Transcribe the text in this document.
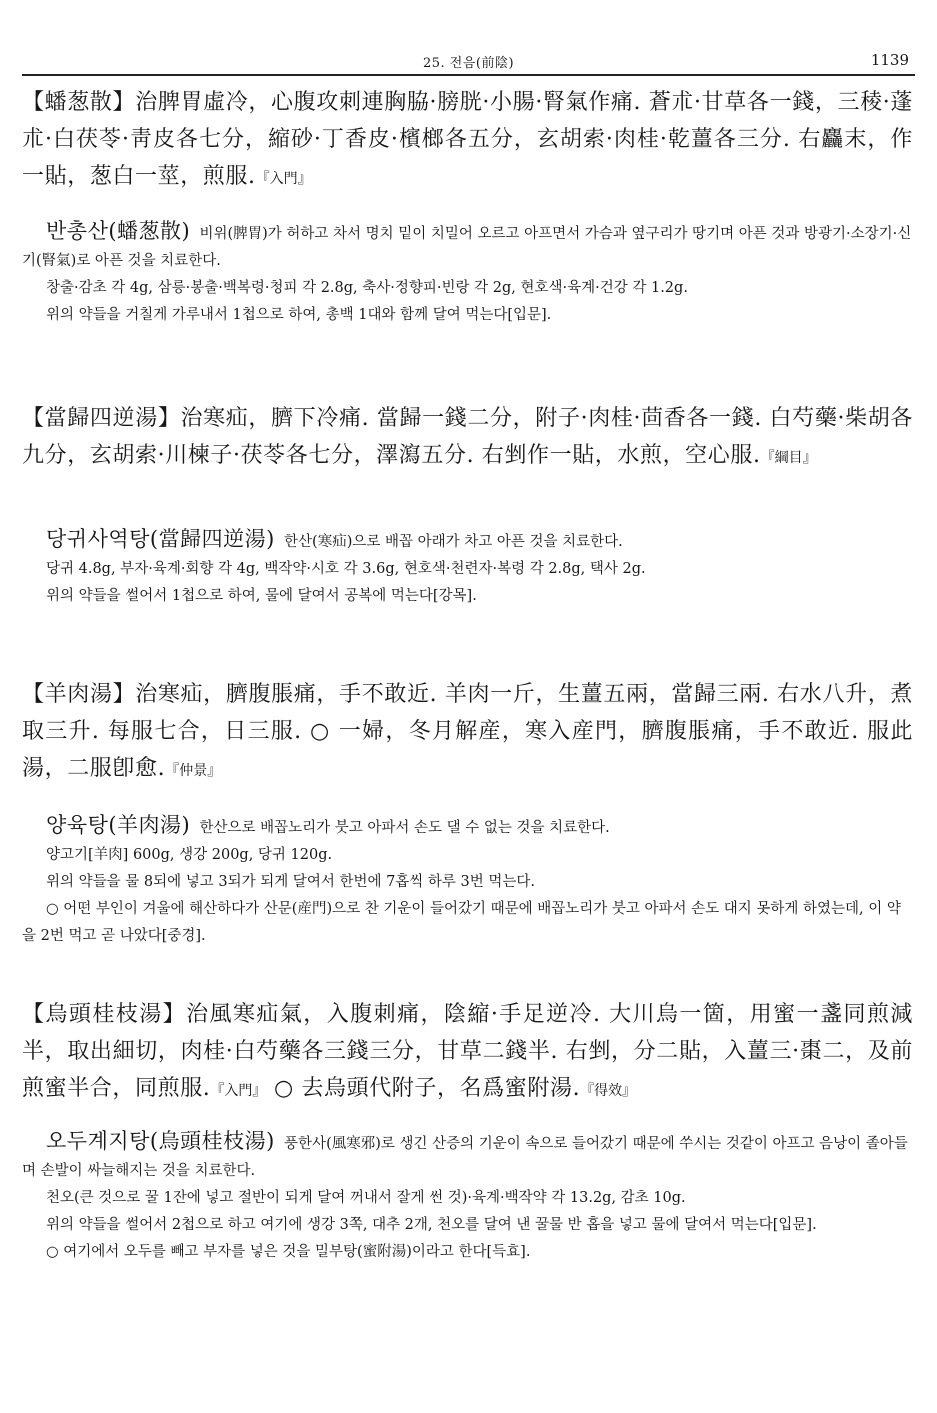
25. 전음(前陰)	1139
【蟠葱散】治脾胃虛冷，心腹攻刺連胸脇·膀胱·小腸·腎氣作痛. 蒼朮·甘草各一錢，三稜·蓬朮·白茯苓·靑皮各七分，縮砂·丁香皮·檳榔各五分，玄胡索·肉桂·乾薑各三分. 右麤末，作一貼，葱白一莖，煎服.『入門』

반총산(蟠葱散) 비위(脾胃)가 허하고 차서 명치 밑이 치밀어 오르고 아프면서 가슴과 옆구리가 땅기며 아픈 것과 방광기·소장기·신기(腎氣)로 아픈 것을 치료한다.

창출·감초 각 4g, 삼릉·봉출·백복령·청피 각 2.8g, 축사·정향피·빈랑 각 2g, 현호색·육계·건강 각 1.2g.

위의 약들을 거칠게 가루내서 1첩으로 하여, 총백 1대와 함께 달여 먹는다[입문].

【當歸四逆湯】治寒疝，臍下冷痛. 當歸一錢二分，附子·肉桂·茴香各一錢. 白芍藥·柴胡各九分，玄胡索·川楝子·茯苓各七分，澤瀉五分. 右剉作一貼，水煎，空心服.『綱目』

당귀사역탕(當歸四逆湯) 한산(寒疝)으로 배꼽 아래가 차고 아픈 것을 치료한다.

당귀 4.8g, 부자·육계·회향 각 4g, 백작약·시호 각 3.6g, 현호색·천련자·복령 각 2.8g, 택사 2g.

위의 약들을 썰어서 1첩으로 하여, 물에 달여서 공복에 먹는다[강목].

【羊肉湯】治寒疝，臍腹脹痛，手不敢近. 羊肉一斤，生薑五兩，當歸三兩. 右水八升，煮取三升. 每服七合，日三服. ○ 一婦，冬月解産，寒入産門，臍腹脹痛，手不敢近. 服此湯，二服卽愈.『仲景』

양육탕(羊肉湯) 한산으로 배꼽노리가 붓고 아파서 손도 댈 수 없는 것을 치료한다.

양고기[羊肉] 600g, 생강 200g, 당귀 120g.

위의 약들을 물 8되에 넣고 3되가 되게 달여서 한번에 7홉씩 하루 3번 먹는다.

○ 어떤 부인이 겨울에 해산하다가 산문(産門)으로 찬 기운이 들어갔기 때문에 배꼽노리가 붓고 아파서 손도 대지 못하게 하였는데, 이 약을 2번 먹고 곧 나았다[중경].

【烏頭桂枝湯】治風寒疝氣，入腹刺痛，陰縮·手足逆冷. 大川烏一箇，用蜜一盞同煎減半，取出細切，肉桂·白芍藥各三錢三分，甘草二錢半. 右剉，分二貼，入薑三·棗二，及前煎蜜半合，同煎服.『入門』 ○ 去烏頭代附子，名爲蜜附湯.『得效』

오두계지탕(烏頭桂枝湯) 풍한사(風寒邪)로 생긴 산증의 기운이 속으로 들어갔기 때문에 쑤시는 것같이 아프고 음낭이 졸아들며 손발이 싸늘해지는 것을 치료한다.

천오(큰 것으로 꿀 1잔에 넣고 절반이 되게 달여 꺼내서 잘게 썬 것)·육계·백작약 각 13.2g, 감초 10g.

위의 약들을 썰어서 2첩으로 하고 여기에 생강 3쪽, 대추 2개, 천오를 달여 낸 꿀물 반 홉을 넣고 물에 달여서 먹는다[입문].

○ 여기에서 오두를 빼고 부자를 넣은 것을 밀부탕(蜜附湯)이라고 한다[득효].
